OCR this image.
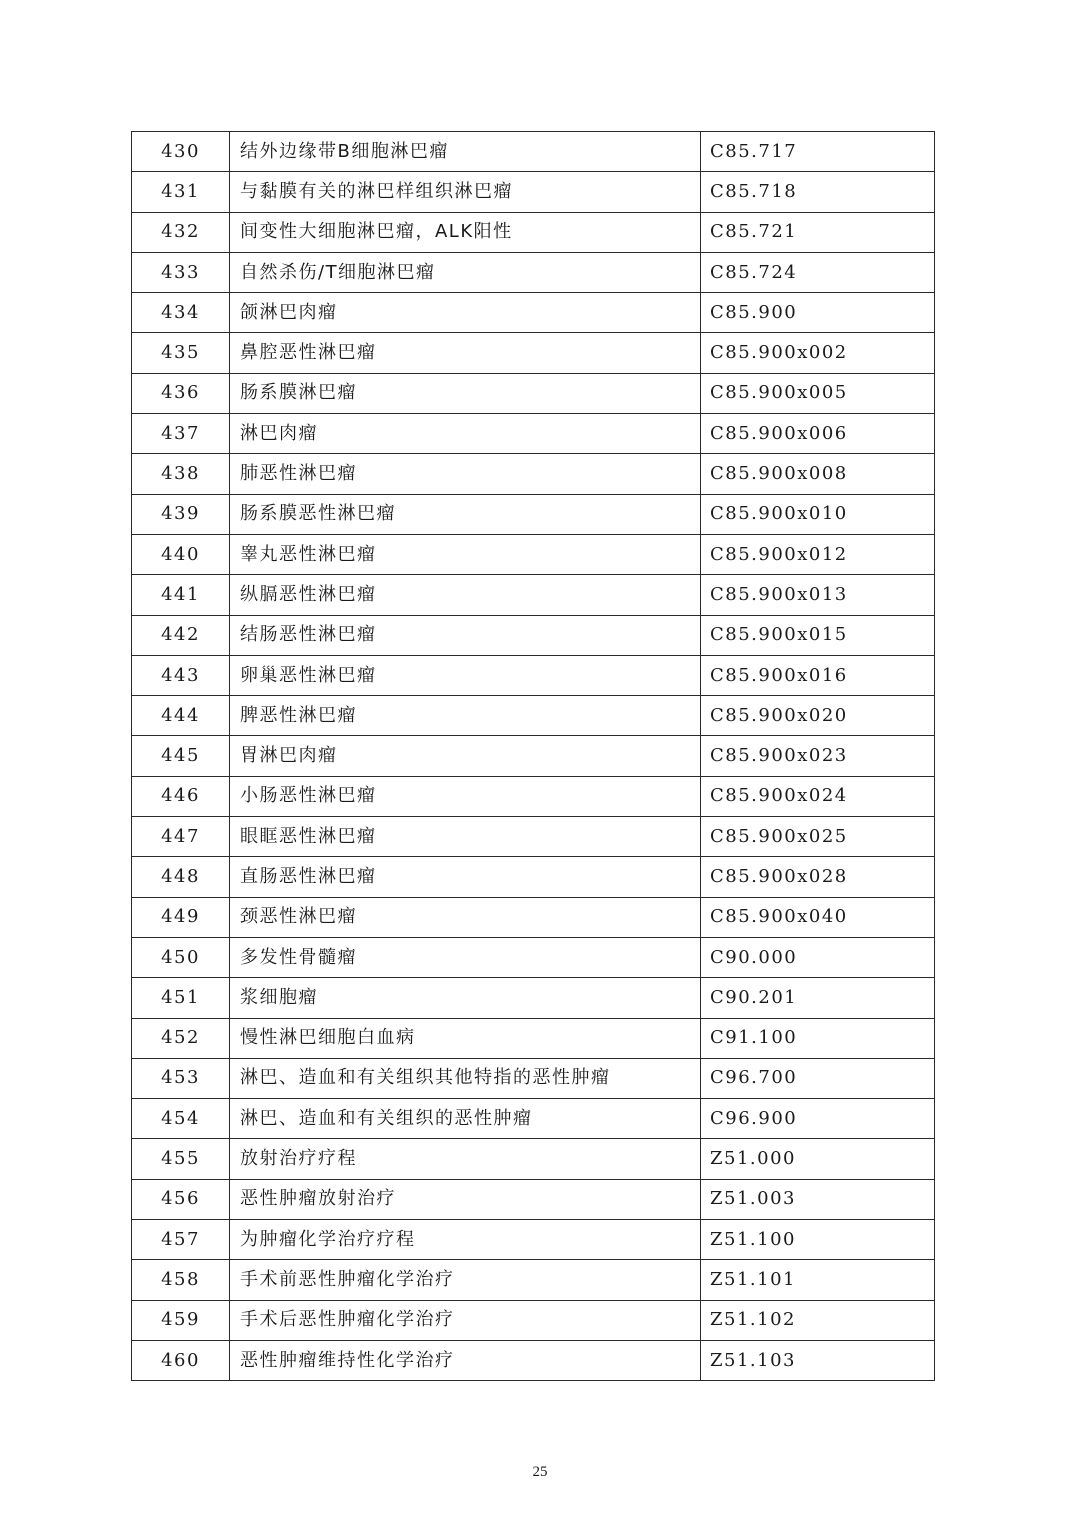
430	结外边缘带B细胞淋巴瘤	C85.717
431	与黏膜有关的淋巴样组织淋巴瘤	C85.718
432	间变性大细胞淋巴瘤，ALK阳性	C85.721
433	自然杀伤/T细胞淋巴瘤	C85.724
434	颌淋巴肉瘤	C85.900
435	鼻腔恶性淋巴瘤	C85.900x002
436	肠系膜淋巴瘤	C85.900x005
437	淋巴肉瘤	C85.900x006
438	肺恶性淋巴瘤	C85.900x008
439	肠系膜恶性淋巴瘤	C85.900x010
440	睾丸恶性淋巴瘤	C85.900x012
441	纵膈恶性淋巴瘤	C85.900x013
442	结肠恶性淋巴瘤	C85.900x015
443	卵巢恶性淋巴瘤	C85.900x016
444	脾恶性淋巴瘤	C85.900x020
445	胃淋巴肉瘤	C85.900x023
446	小肠恶性淋巴瘤	C85.900x024
447	眼眶恶性淋巴瘤	C85.900x025
448	直肠恶性淋巴瘤	C85.900x028
449	颈恶性淋巴瘤	C85.900x040
450	多发性骨髓瘤	C90.000
451	浆细胞瘤	C90.201
452	慢性淋巴细胞白血病	C91.100
453	淋巴、造血和有关组织其他特指的恶性肿瘤	C96.700
454	淋巴、造血和有关组织的恶性肿瘤	C96.900
455	放射治疗疗程	Z51.000
456	恶性肿瘤放射治疗	Z51.003
457	为肿瘤化学治疗疗程	Z51.100
458	手术前恶性肿瘤化学治疗	Z51.101
459	手术后恶性肿瘤化学治疗	Z51.102
460	恶性肿瘤维持性化学治疗	Z51.103
25
